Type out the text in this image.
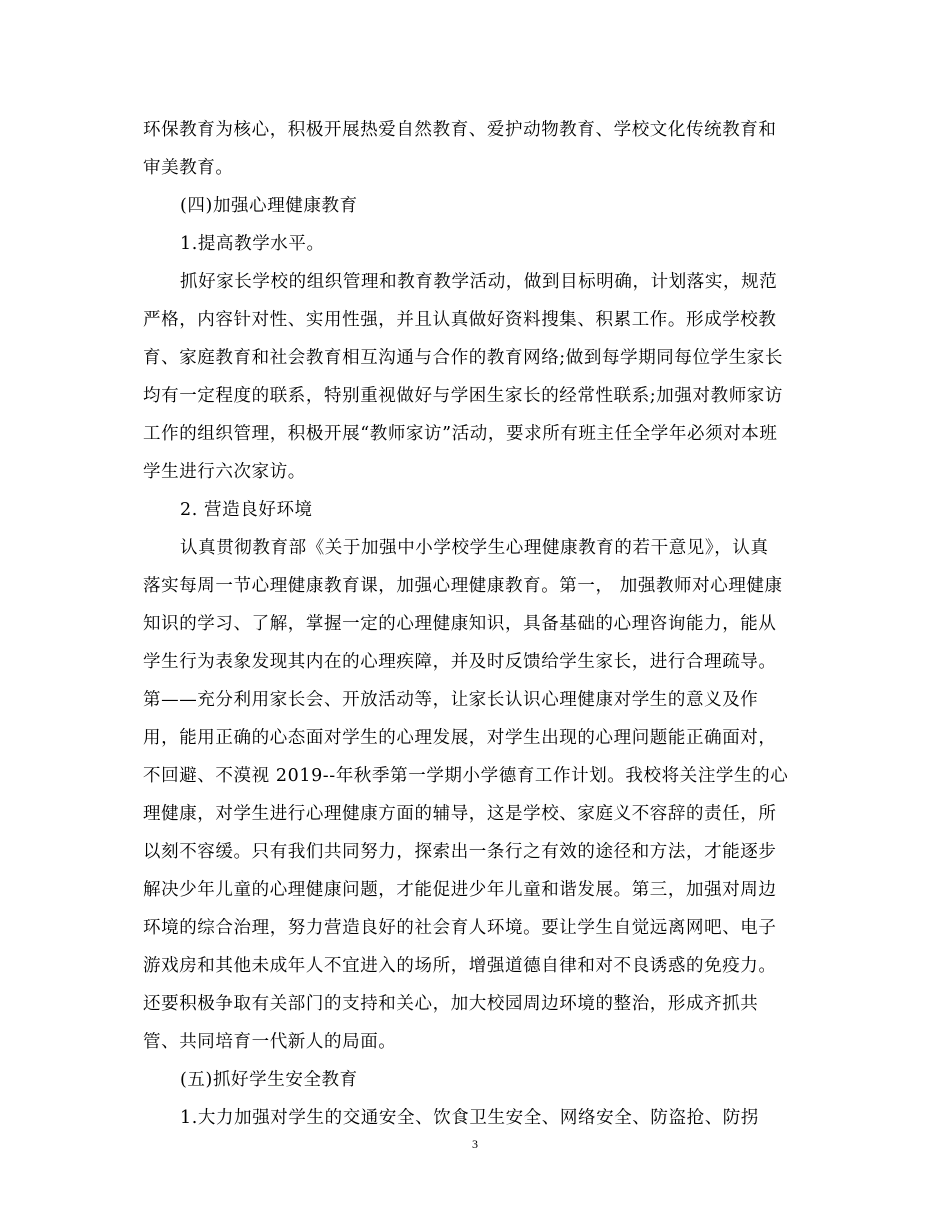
环保教育为核心，积极开展热爱自然教育、爱护动物教育、学校文化传统教育和
审美教育。
(四)加强心理健康教育
1.提高教学水平。
抓好家长学校的组织管理和教育教学活动，做到目标明确，计划落实，规范
严格，内容针对性、实用性强，并且认真做好资料搜集、积累工作。形成学校教
育、家庭教育和社会教育相互沟通与合作的教育网络;做到每学期同每位学生家长
均有一定程度的联系，特别重视做好与学困生家长的经常性联系;加强对教师家访
工作的组织管理，积极开展“教师家访”活动，要求所有班主任全学年必须对本班
学生进行六次家访。
2. 营造良好环境
认真贯彻教育部《关于加强中小学校学生心理健康教育的若干意见》，认真
落实每周一节心理健康教育课，加强心理健康教育。第一， 加强教师对心理健康
知识的学习、了解，掌握一定的心理健康知识，具备基础的心理咨询能力，能从
学生行为表象发现其内在的心理疾障，并及时反馈给学生家长，进行合理疏导。
第——充分利用家长会、开放活动等，让家长认识心理健康对学生的意义及作
用，能用正确的心态面对学生的心理发展，对学生出现的心理问题能正确面对，
不回避、不漠视 2019--年秋季第一学期小学德育工作计划。我校将关注学生的心
理健康，对学生进行心理健康方面的辅导，这是学校、家庭义不容辞的责任，所
以刻不容缓。只有我们共同努力，探索出一条行之有效的途径和方法，才能逐步
解决少年儿童的心理健康问题，才能促进少年儿童和谐发展。第三，加强对周边
环境的综合治理，努力营造良好的社会育人环境。要让学生自觉远离网吧、电子
游戏房和其他未成年人不宜进入的场所，增强道德自律和对不良诱惑的免疫力。
还要积极争取有关部门的支持和关心，加大校园周边环境的整治，形成齐抓共
管、共同培育一代新人的局面。
(五)抓好学生安全教育
1.大力加强对学生的交通安全、饮食卫生安全、网络安全、防盗抢、防拐
3
